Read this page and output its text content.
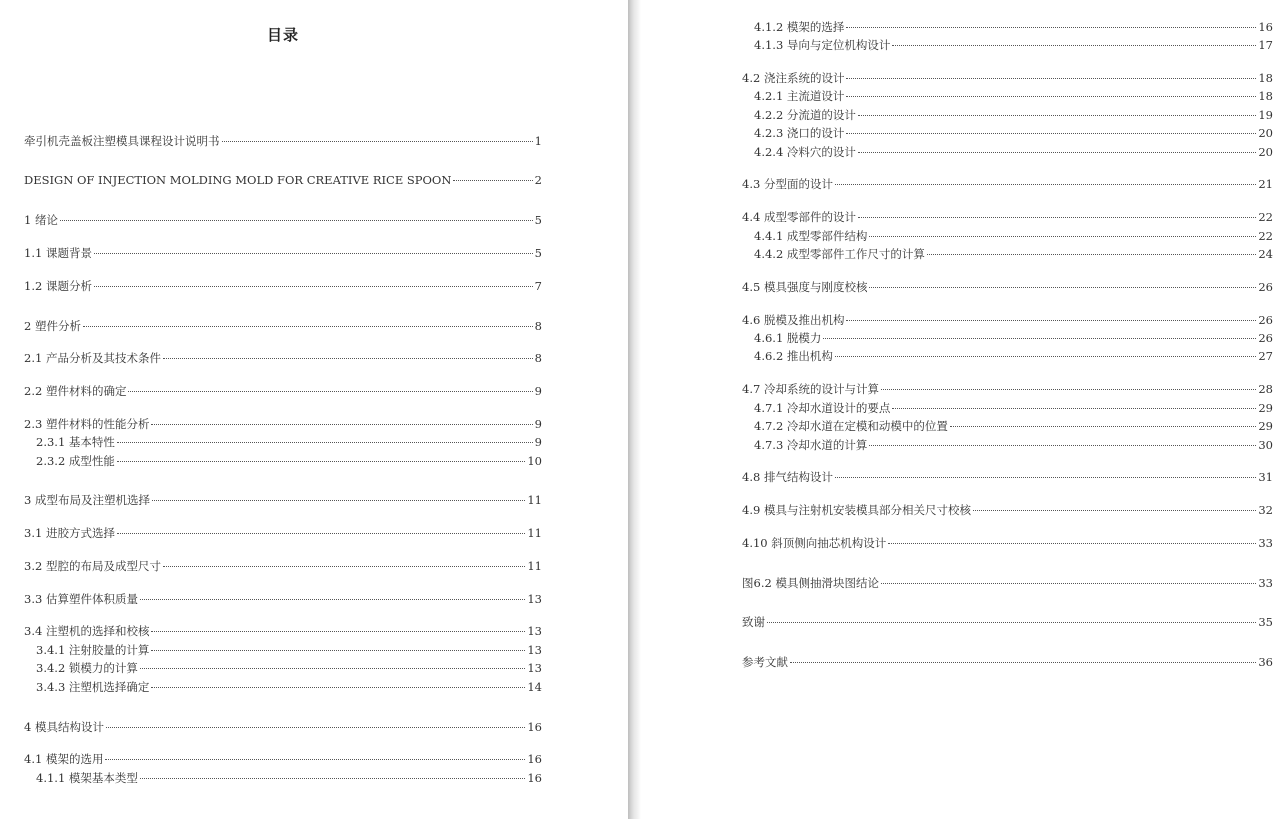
目录
牵引机壳盖板注塑模具课程设计说明书	1
DESIGN OF INJECTION MOLDING MOLD FOR CREATIVE RICE SPOON	2
1 绪论	5
1.1 课题背景	5
1.2 课题分析	7
2 塑件分析	8
2.1 产品分析及其技术条件	8
2.2 塑件材料的确定	9
2.3 塑件材料的性能分析	9
2.3.1 基本特性	9
2.3.2 成型性能	10
3 成型布局及注塑机选择	11
3.1 进胶方式选择	11
3.2 型腔的布局及成型尺寸	11
3.3 估算塑件体积质量	13
3.4 注塑机的选择和校核	13
3.4.1 注射胶量的计算	13
3.4.2 锁模力的计算	13
3.4.3 注塑机选择确定	14
4 模具结构设计	16
4.1 模架的选用	16
4.1.1 模架基本类型	16
4.1.2 模架的选择	16
4.1.3 导向与定位机构设计	17
4.2 浇注系统的设计	18
4.2.1 主流道设计	18
4.2.2 分流道的设计	19
4.2.3 浇口的设计	20
4.2.4 冷料穴的设计	20
4.3 分型面的设计	21
4.4 成型零部件的设计	22
4.4.1 成型零部件结构	22
4.4.2 成型零部件工作尺寸的计算	24
4.5 模具强度与刚度校核	26
4.6 脱模及推出机构	26
4.6.1 脱模力	26
4.6.2 推出机构	27
4.7 冷却系统的设计与计算	28
4.7.1 冷却水道设计的要点	29
4.7.2 冷却水道在定模和动模中的位置	29
4.7.3 冷却水道的计算	30
4.8 排气结构设计	31
4.9 模具与注射机安装模具部分相关尺寸校核	32
4.10 斜顶侧向抽芯机构设计	33
图6.2 模具侧抽滑块图结论	33
致谢	35
参考文献	36
